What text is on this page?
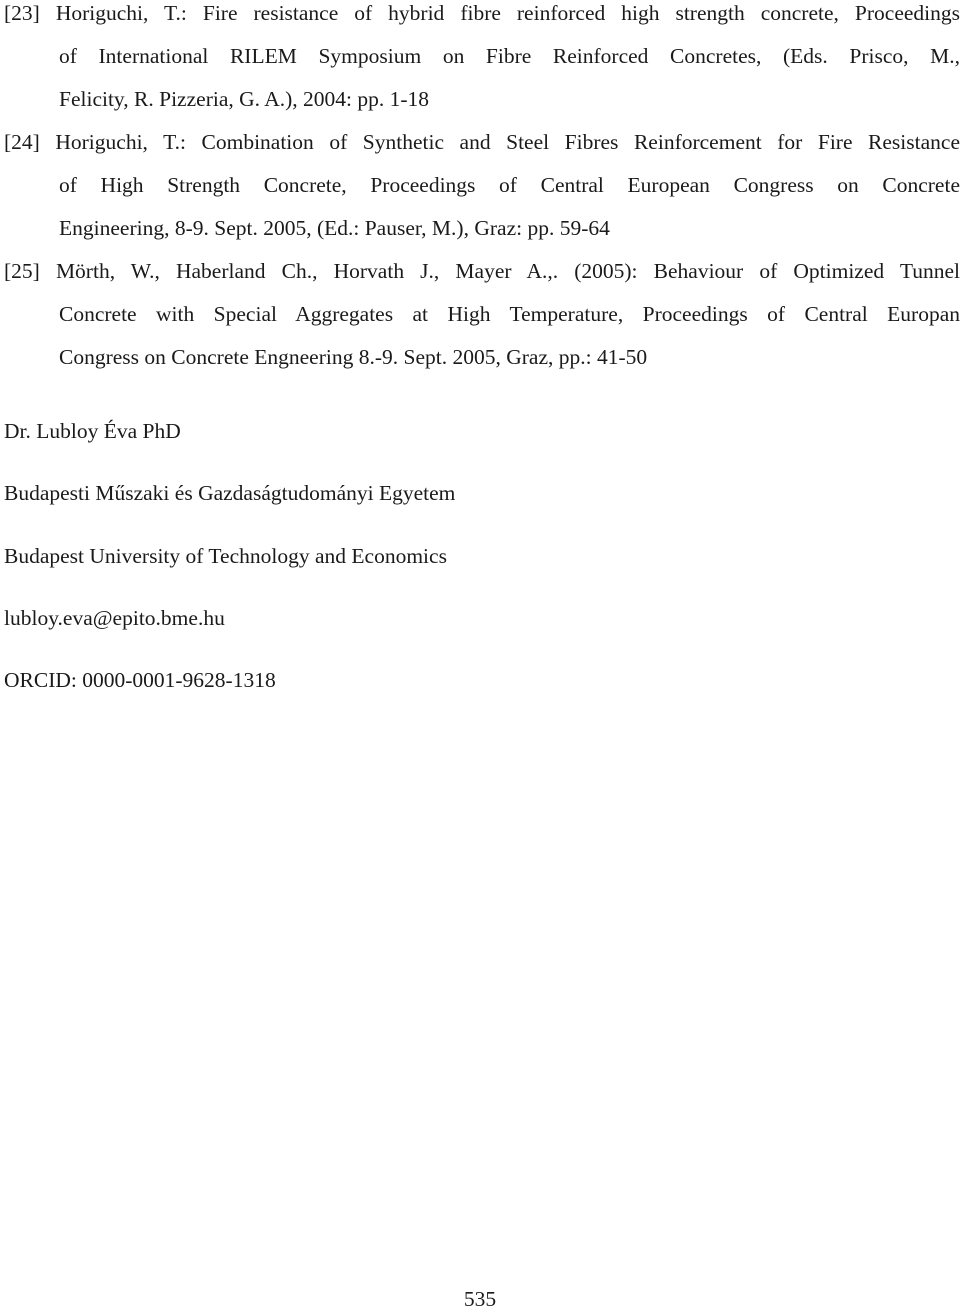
[23] Horiguchi, T.: Fire resistance of hybrid fibre reinforced high strength concrete, Proceedings
of International RILEM Symposium on Fibre Reinforced Concretes, (Eds. Prisco, M.,
Felicity, R. Pizzeria, G. A.), 2004: pp. 1-18
[24] Horiguchi, T.: Combination of Synthetic and Steel Fibres Reinforcement for Fire Resistance
of High Strength Concrete, Proceedings of Central European Congress on Concrete
Engineering, 8-9. Sept. 2005, (Ed.: Pauser, M.), Graz: pp. 59-64
[25] Mörth, W., Haberland Ch., Horvath J., Mayer A.,. (2005): Behaviour of Optimized Tunnel
Concrete with Special Aggregates at High Temperature, Proceedings of Central Europan
Congress on Concrete Engneering 8.-9. Sept. 2005, Graz, pp.: 41-50
Dr. Lubloy Éva PhD
Budapesti Műszaki és Gazdaságtudományi Egyetem
Budapest University of Technology and Economics
lubloy.eva@epito.bme.hu
ORCID: 0000-0001-9628-1318
535
